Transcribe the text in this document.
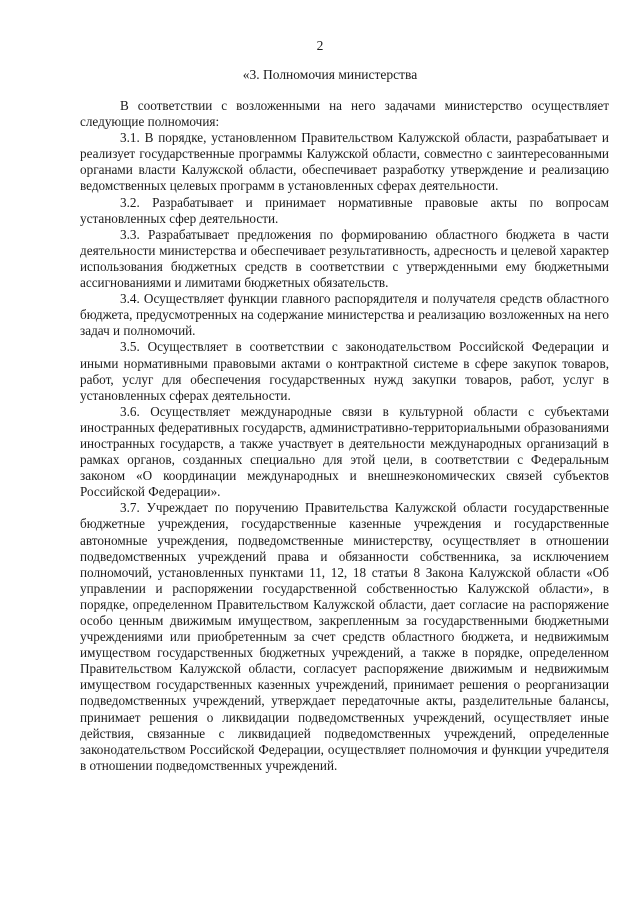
2
«3. Полномочия министерства

В соответствии с возложенными на него задачами министерство осуществляет следующие полномочия:

3.1. В порядке, установленном Правительством Калужской области, разрабатывает и реализует государственные программы Калужской области, совместно с заинтересованными органами власти Калужской области, обеспечивает разработку утверждение и реализацию ведомственных целевых программ в установленных сферах деятельности.

3.2. Разрабатывает и принимает нормативные правовые акты по вопросам установленных сфер деятельности.

3.3. Разрабатывает предложения по формированию областного бюджета в части деятельности министерства и обеспечивает результативность, адресность и целевой характер использования бюджетных средств в соответствии с утвержденными ему бюджетными ассигнованиями и лимитами бюджетных обязательств.

3.4. Осуществляет функции главного распорядителя и получателя средств областного бюджета, предусмотренных на содержание министерства и реализацию возложенных на него задач и полномочий.

3.5. Осуществляет в соответствии с законодательством Российской Федерации и иными нормативными правовыми актами о контрактной системе в сфере закупок товаров, работ, услуг для обеспечения государственных нужд закупки товаров, работ, услуг в установленных сферах деятельности.

3.6. Осуществляет международные связи в культурной области с субъектами иностранных федеративных государств, административно-территориальными образованиями иностранных государств, а также участвует в деятельности международных организаций в рамках органов, созданных специально для этой цели, в соответствии с Федеральным законом «О координации международных и внешнеэкономических связей субъектов Российской Федерации».

3.7. Учреждает по поручению Правительства Калужской области государственные бюджетные учреждения, государственные казенные учреждения и государственные автономные учреждения, подведомственные министерству, осуществляет в отношении подведомственных учреждений права и обязанности собственника, за исключением полномочий, установленных пунктами 11, 12, 18 статьи 8 Закона Калужской области «Об управлении и распоряжении государственной собственностью Калужской области», в порядке, определенном Правительством Калужской области, дает согласие на распоряжение особо ценным движимым имуществом, закрепленным за государственными бюджетными учреждениями или приобретенным за счет средств областного бюджета, и недвижимым имуществом государственных бюджетных учреждений, а также в порядке, определенном Правительством Калужской области, согласует распоряжение движимым и недвижимым имуществом государственных казенных учреждений, принимает решения о реорганизации подведомственных учреждений, утверждает передаточные акты, разделительные балансы, принимает решения о ликвидации подведомственных учреждений, осуществляет иные действия, связанные с ликвидацией подведомственных учреждений, определенные законодательством Российской Федерации, осуществляет полномочия и функции учредителя в отношении подведомственных учреждений.
